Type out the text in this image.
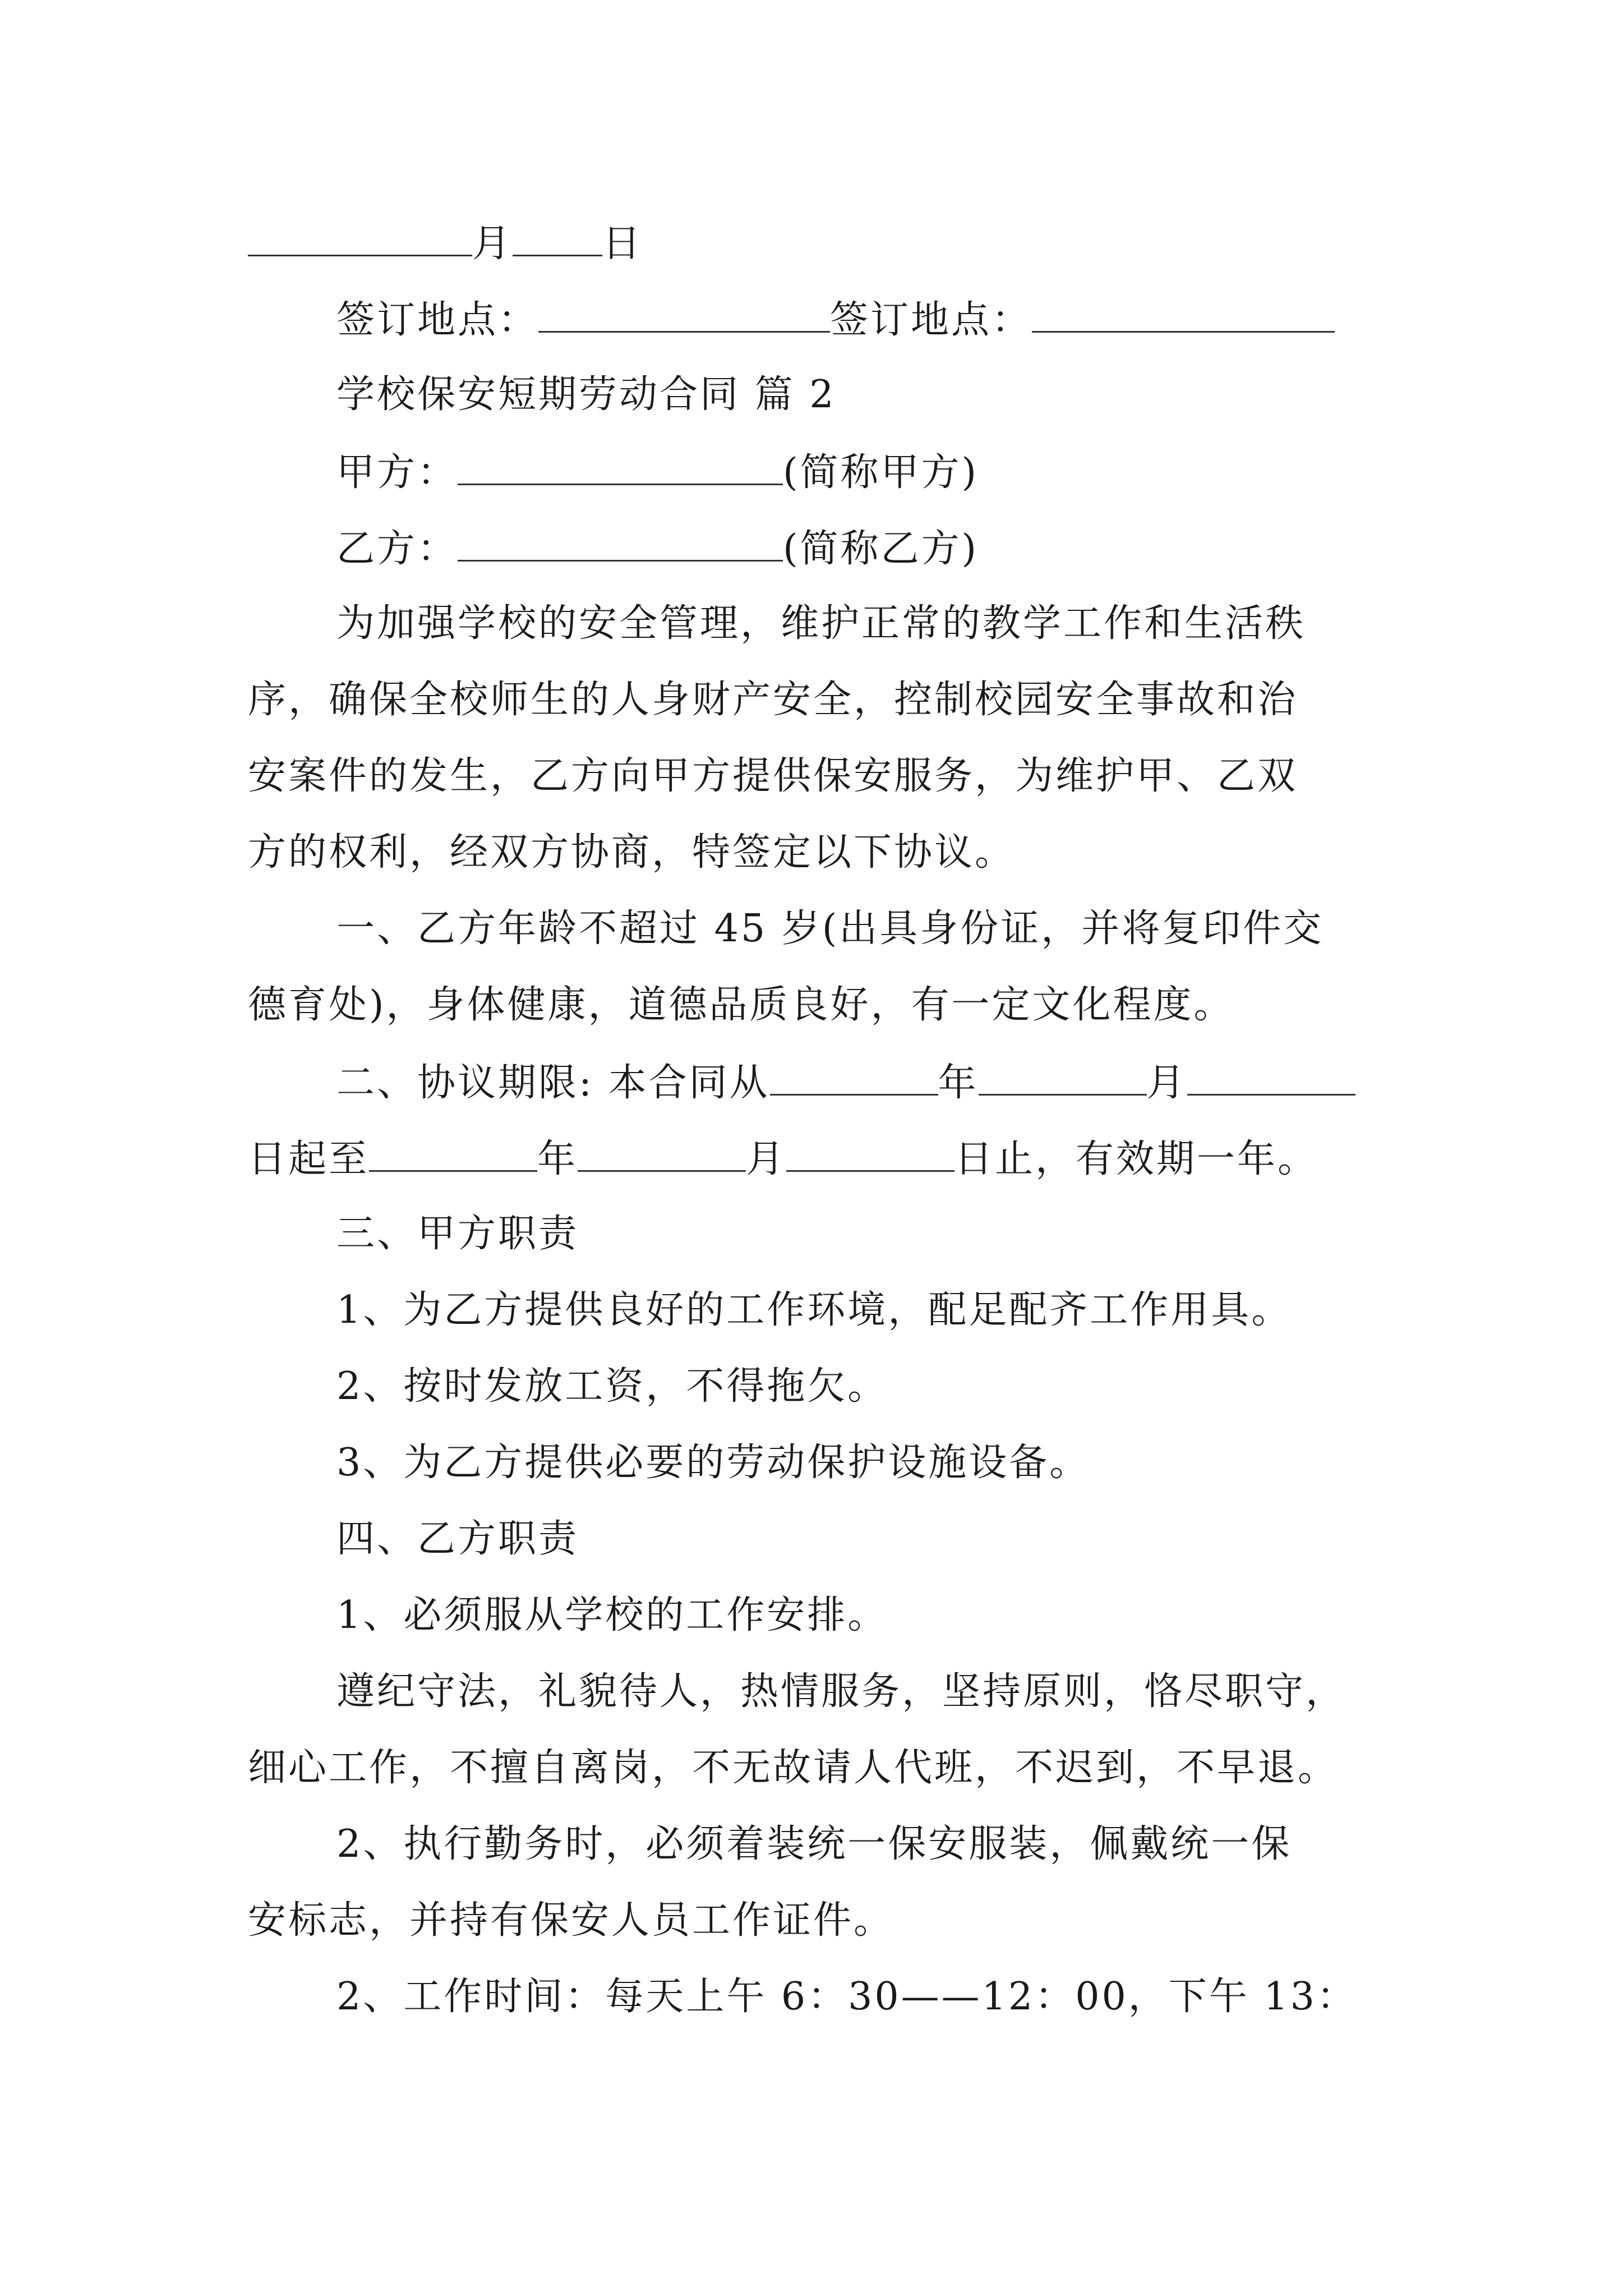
月 日
签订地点：	签订地点：
学校保安短期劳动合同 篇 2
甲方：	(简称甲方)
乙方：	(简称乙方)
为加强学校的安全管理，维护正常的教学工作和生活秩
序，确保全校师生的人身财产安全，控制校园安全事故和治
安案件的发生，乙方向甲方提供保安服务，为维护甲、乙双
方的权利，经双方协商，特签定以下协议。
一、乙方年龄不超过 45 岁(出具身份证，并将复印件交
德育处)，身体健康，道德品质良好，有一定文化程度。
二、协议期限: 本合同从	年	月
日起至	年	月	日止，有效期一年。
三、甲方职责
1、为乙方提供良好的工作环境，配足配齐工作用具。
2、按时发放工资，不得拖欠。
3、为乙方提供必要的劳动保护设施设备。
四、乙方职责
1、必须服从学校的工作安排。
遵纪守法，礼貌待人，热情服务，坚持原则，恪尽职守，
细心工作，不擅自离岗，不无故请人代班，不迟到，不早退。
2、执行勤务时，必须着装统一保安服装，佩戴统一保
安标志，并持有保安人员工作证件。
2、工作时间：每天上午 6：30——12：00，下午 13：
